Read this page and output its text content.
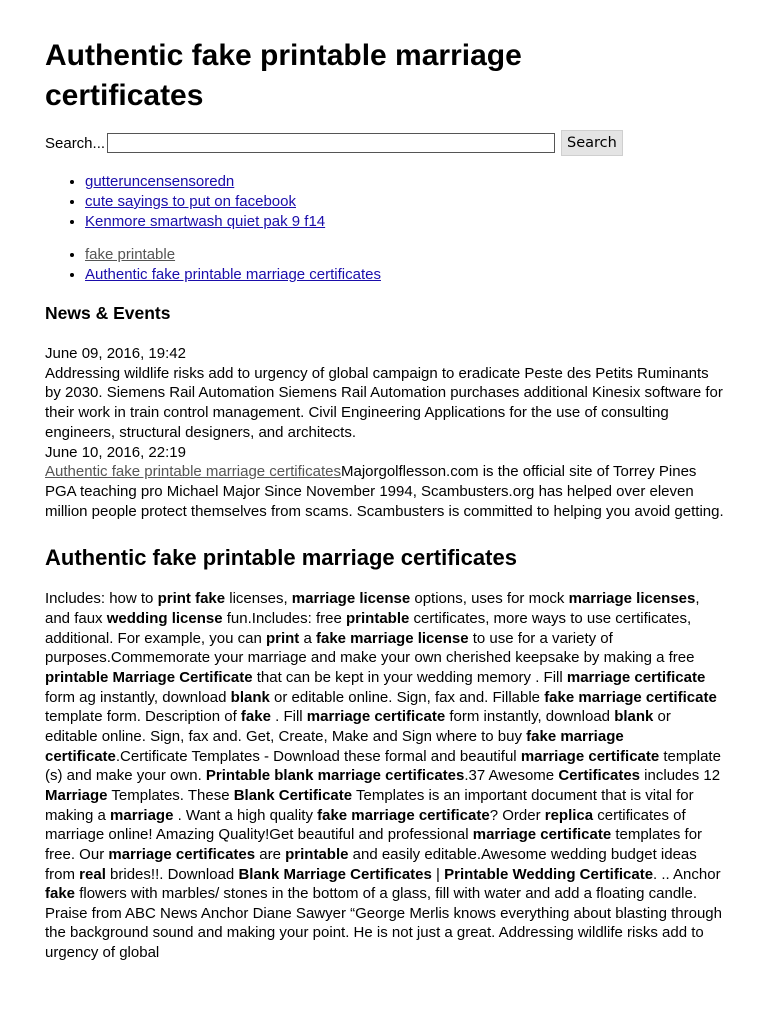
Authentic fake printable marriage certificates
Search...	Search
• gutteruncensensoredn
• cute sayings to put on facebook
• Kenmore smartwash quiet pak 9 f14
• fake printable
• Authentic fake printable marriage certificates
News & Events

June 09, 2016, 19:42

Addressing wildlife risks add to urgency of global campaign to eradicate Peste des Petits Ruminants by 2030. Siemens Rail Automation Siemens Rail Automation purchases additional Kinesix software for their work in train control management. Civil Engineering Applications for the use of consulting engineers, structural designers, and architects.

June 10, 2016, 22:19

Authentic fake printable marriage certificatesMajorgolflesson.com is the official site of Torrey Pines PGA teaching pro Michael Major Since November 1994, Scambusters.org has helped over eleven million people protect themselves from scams. Scambusters is committed to helping you avoid getting.

Authentic fake printable marriage certificates

Includes: how to print fake licenses, marriage license options, uses for mock marriage licenses, and faux wedding license fun.Includes: free printable certificates, more ways to use certificates, additional. For example, you can print a fake marriage license to use for a variety of purposes.Commemorate your marriage and make your own cherished keepsake by making a free printable Marriage Certificate that can be kept in your wedding memory . Fill marriage certificate form ag instantly, download blank or editable online. Sign, fax and. Fillable fake marriage certificate template form. Description of fake . Fill marriage certificate form instantly, download blank or editable online. Sign, fax and. Get, Create, Make and Sign where to buy fake marriage certificate.Certificate Templates - Download these formal and beautiful marriage certificate template (s) and make your own. Printable blank marriage certificates.37 Awesome Certificates includes 12 Marriage Templates. These Blank Certificate Templates is an important document that is vital for making a marriage . Want a high quality fake marriage certificate? Order replica certificates of marriage online! Amazing Quality!Get beautiful and professional marriage certificate templates for free. Our marriage certificates are printable and easily editable.Awesome wedding budget ideas from real brides!!. Download Blank Marriage Certificates | Printable Wedding Certificate. .. Anchor fake flowers with marbles/ stones in the bottom of a glass, fill with water and add a floating candle. Praise from ABC News Anchor Diane Sawyer “George Merlis knows everything about blasting through the background sound and making your point. He is not just a great. Addressing wildlife risks add to urgency of global
